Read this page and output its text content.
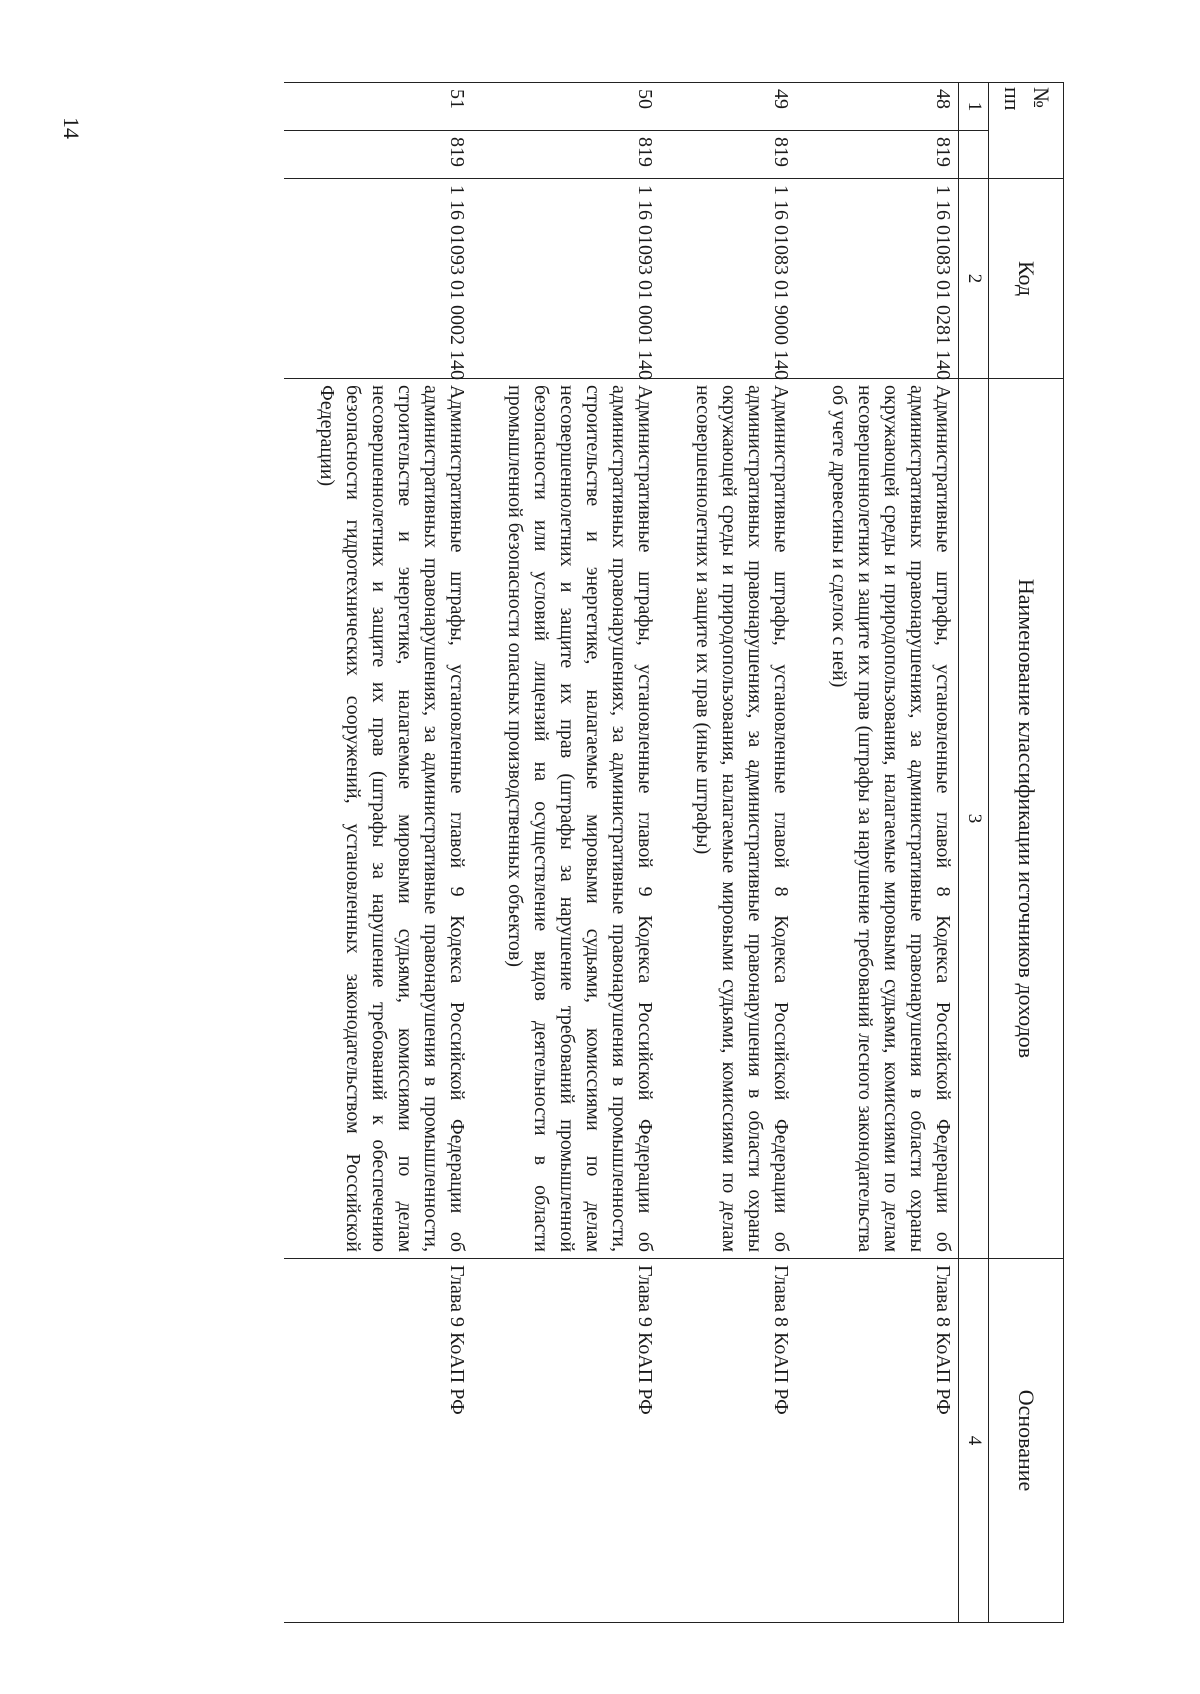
14
№
пп		Код	Наименование классификации источников доходов	Основание
1		2	3	4
48	819	1 16 01083 01 0281 140	Административные штрафы, установленные главой 8 Кодекса Российской Федерации об административных правонарушениях, за административные правонарушения в области охраны окружающей среды и природопользования, налагаемые мировыми судьями, комиссиями по делам несовершеннолетних и защите их прав (штрафы за нарушение требований лесного законодательства об учете древесины и сделок с ней)	Глава 8 КоАП РФ
49	819	1 16 01083 01 9000 140	Административные штрафы, установленные главой 8 Кодекса Российской Федерации об административных правонарушениях, за административные правонарушения в области охраны окружающей среды и природопользования, налагаемые мировыми судьями, комиссиями по делам несовершеннолетних и защите их прав (иные штрафы)	Глава 8 КоАП РФ
50	819	1 16 01093 01 0001 140	Административные штрафы, установленные главой 9 Кодекса Российской Федерации об административных правонарушениях, за административные правонарушения в промышленности, строительстве и энергетике, налагаемые мировыми судьями, комиссиями по делам несовершеннолетних и защите их прав (штрафы за нарушение требований промышленной безопасности или условий лицензий на осуществление видов деятельности в области промышленной безопасности опасных производственных объектов)	Глава 9 КоАП РФ
51	819	1 16 01093 01 0002 140	Административные штрафы, установленные главой 9 Кодекса Российской Федерации об административных правонарушениях, за административные правонарушения в промышленности, строительстве и энергетике, налагаемые мировыми судьями, комиссиями по делам несовершеннолетних и защите их прав (штрафы за нарушение требований к обеспечению безопасности гидротехнических сооружений, установленных законодательством Российской Федерации)	Глава 9 КоАП РФ
